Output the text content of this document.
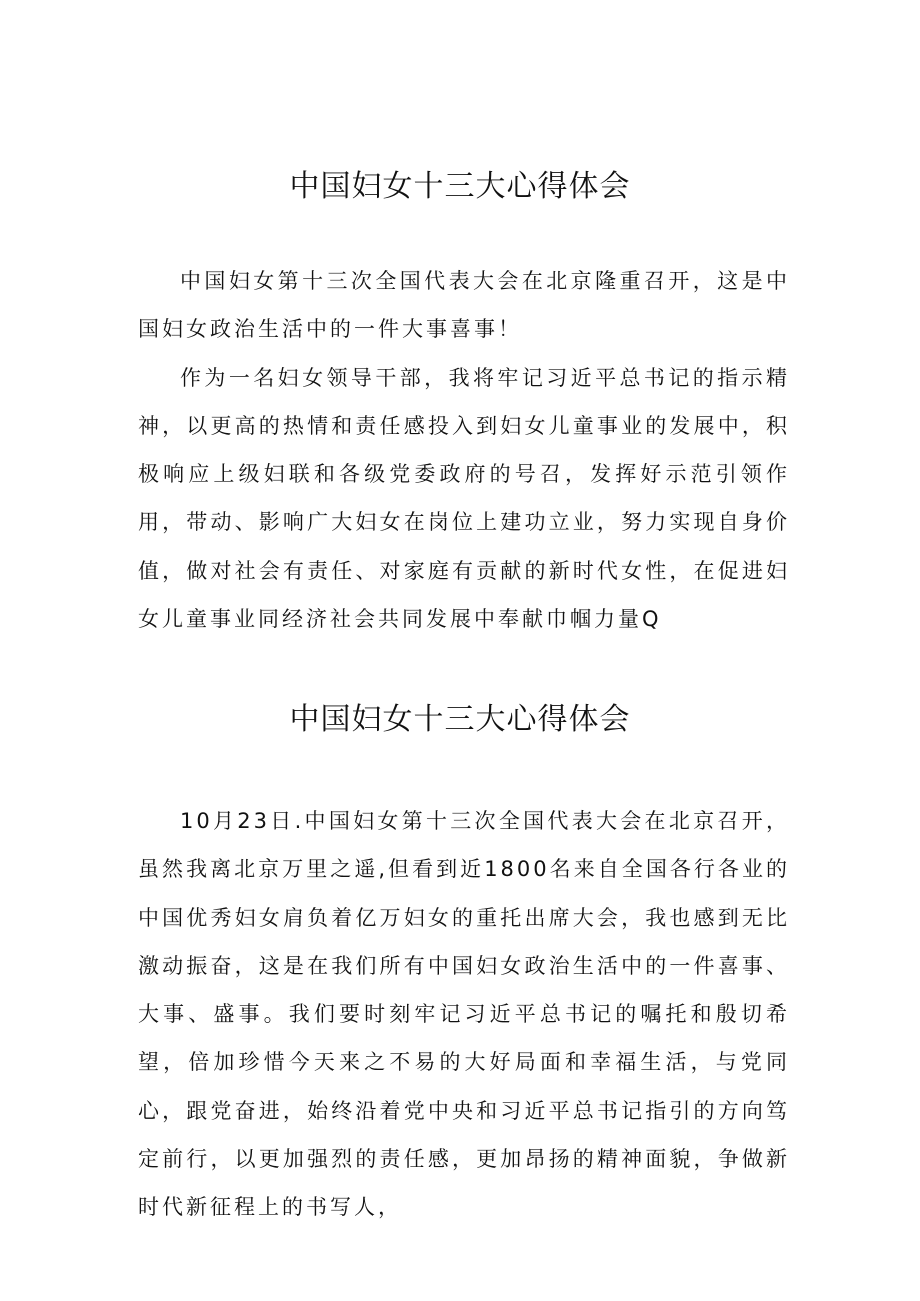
中国妇女十三大心得体会

中国妇女第十三次全国代表大会在北京隆重召开，这是中国妇女政治生活中的一件大事喜事！

作为一名妇女领导干部，我将牢记习近平总书记的指示精神，以更高的热情和责任感投入到妇女儿童事业的发展中，积极响应上级妇联和各级党委政府的号召，发挥好示范引领作用，带动、影响广大妇女在岗位上建功立业，努力实现自身价值，做对社会有责任、对家庭有贡献的新时代女性，在促进妇女儿童事业同经济社会共同发展中奉献巾帼力量Q

中国妇女十三大心得体会

10月23日.中国妇女第十三次全国代表大会在北京召开，虽然我离北京万里之遥,但看到近1800名来自全国各行各业的中国优秀妇女肩负着亿万妇女的重托出席大会，我也感到无比激动振奋，这是在我们所有中国妇女政治生活中的一件喜事、大事、盛事。我们要时刻牢记习近平总书记的嘱托和殷切希望，倍加珍惜今天来之不易的大好局面和幸福生活，与党同心，跟党奋进，始终沿着党中央和习近平总书记指引的方向笃定前行，以更加强烈的责任感，更加昂扬的精神面貌，争做新时代新征程上的书写人，
